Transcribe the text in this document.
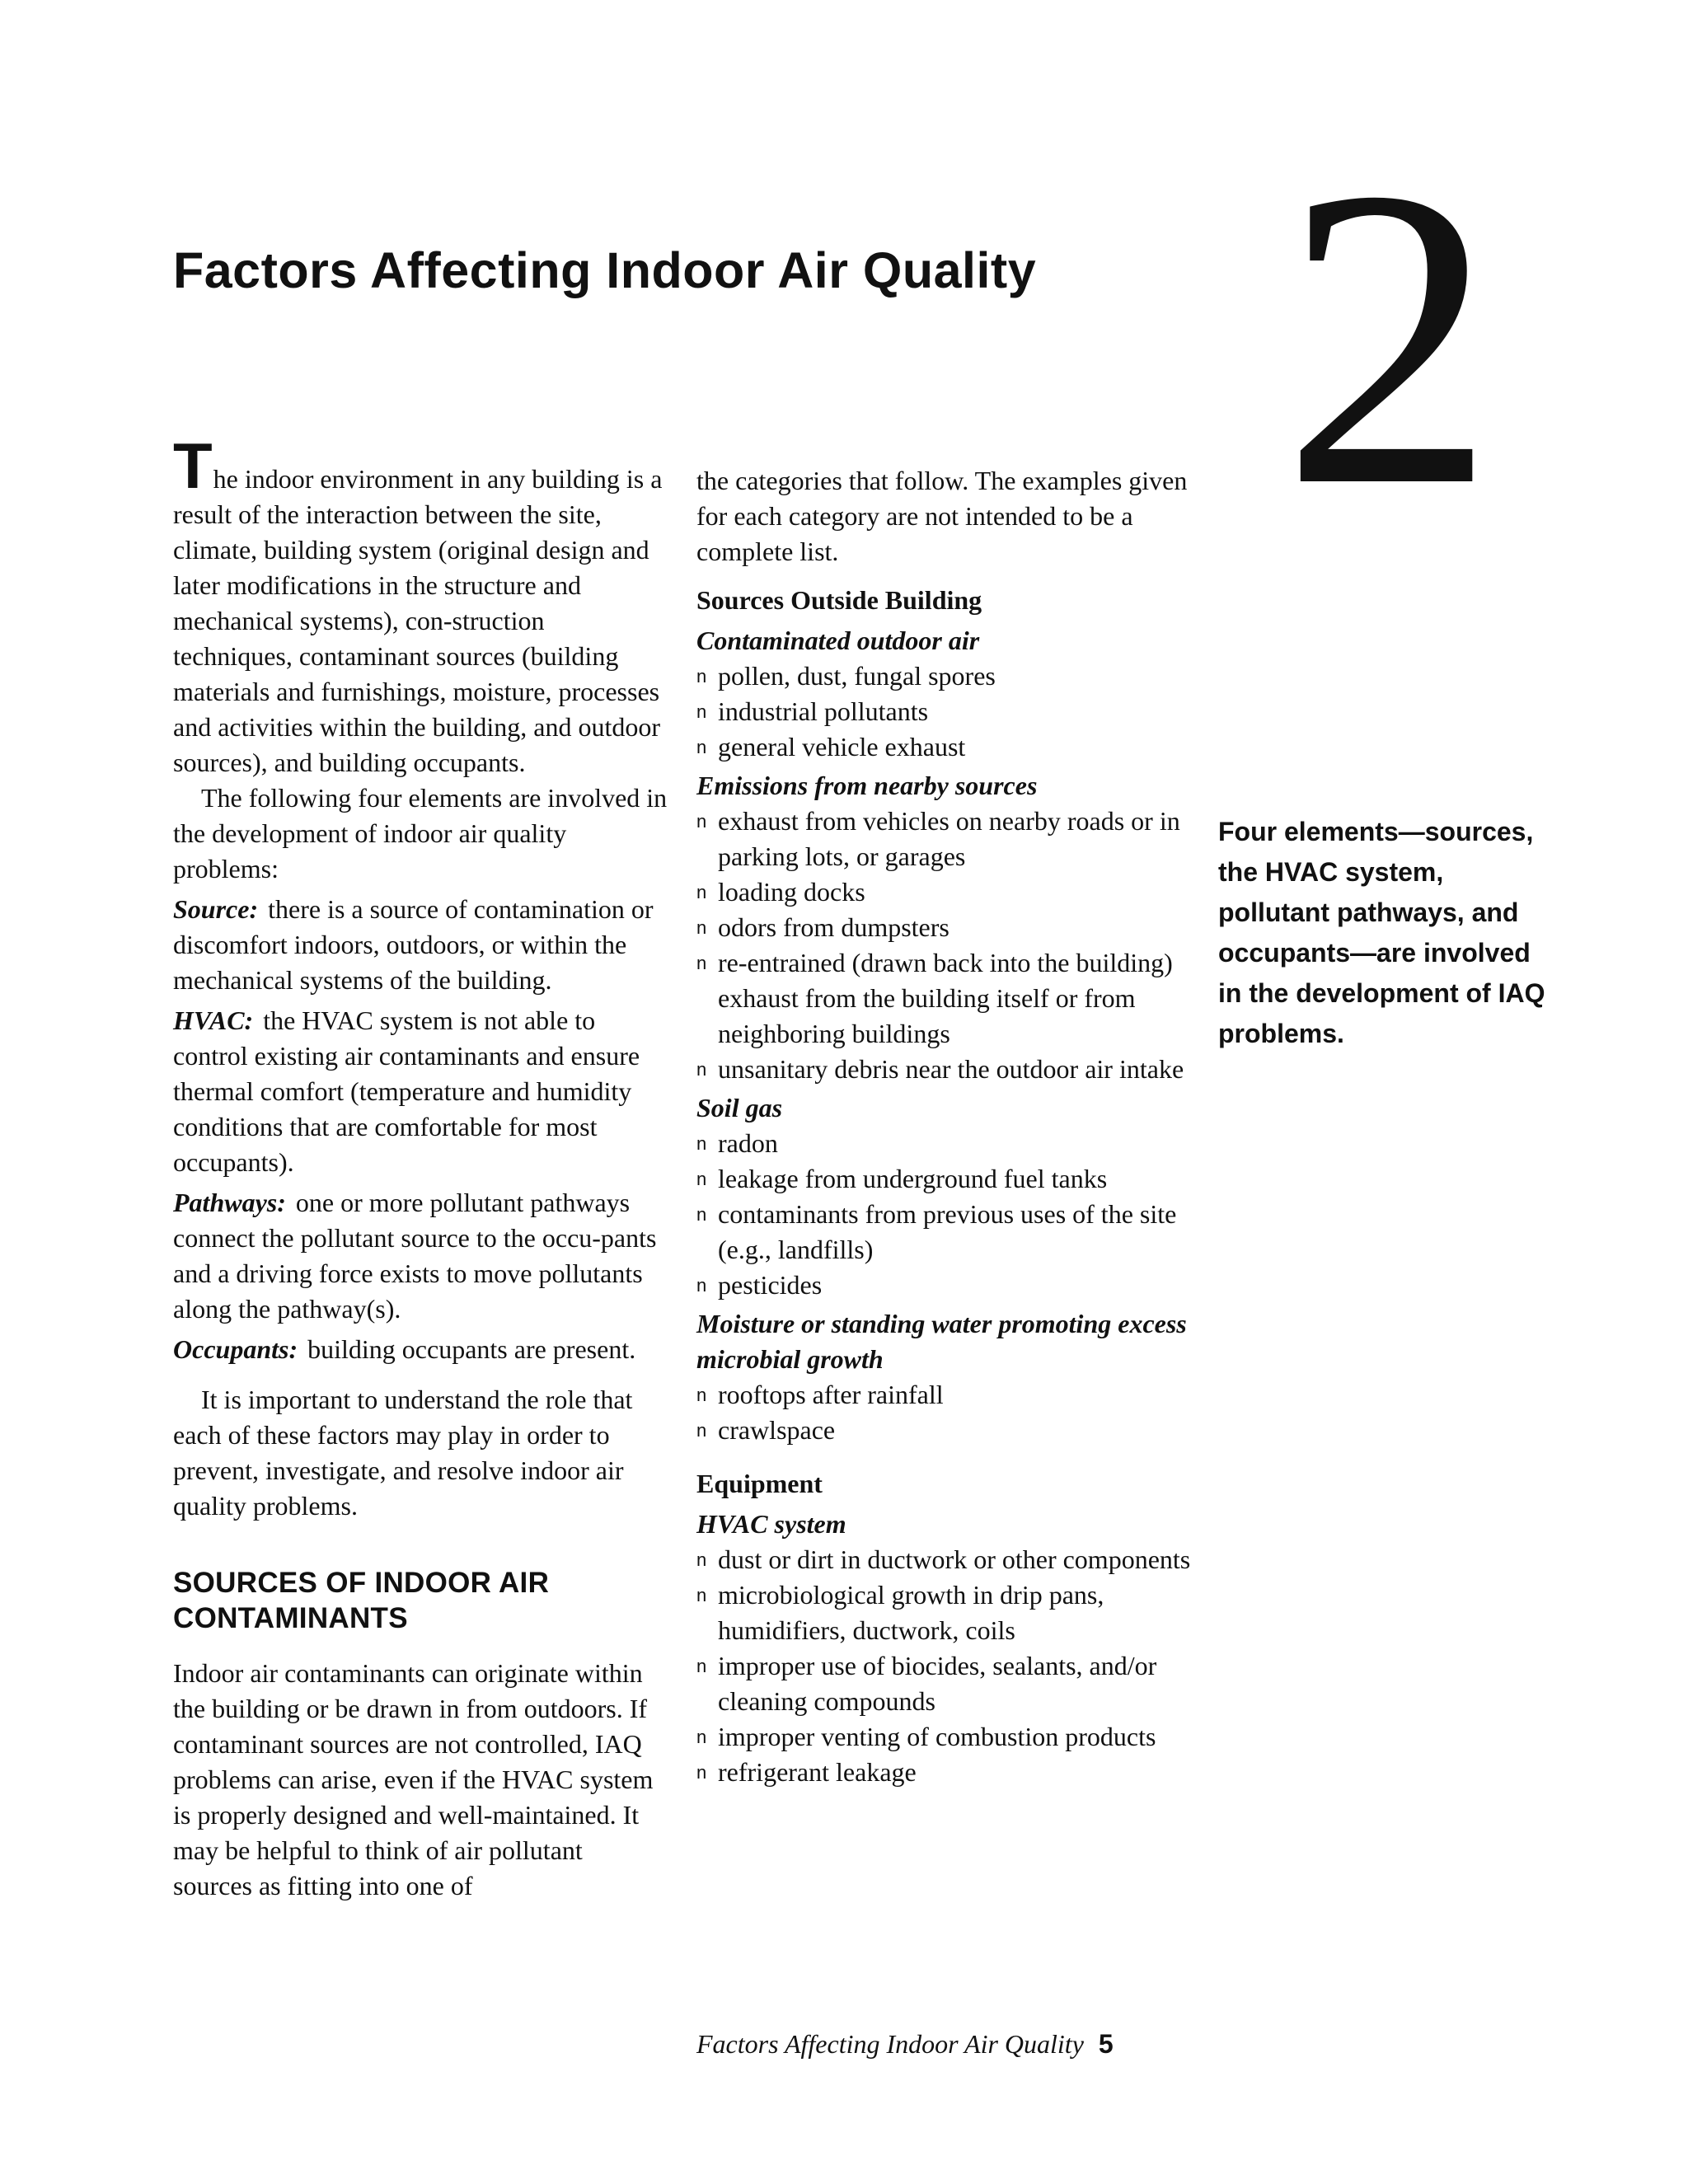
Factors Affecting Indoor Air Quality 2

The indoor environment in any building is a result of the interaction between the site, climate, building system (original design and later modifications in the structure and mechanical systems), con-struction techniques, contaminant sources (building materials and furnishings, moisture, processes and activities within the building, and outdoor sources), and building occupants.

The following four elements are involved in the development of indoor air quality problems:

Source: there is a source of contamination or discomfort indoors, outdoors, or within the mechanical systems of the building.

HVAC: the HVAC system is not able to control existing air contaminants and ensure thermal comfort (temperature and humidity conditions that are comfortable for most occupants).

Pathways: one or more pollutant pathways connect the pollutant source to the occu-pants and a driving force exists to move pollutants along the pathway(s).

Occupants: building occupants are present.

It is important to understand the role that each of these factors may play in order to prevent, investigate, and resolve indoor air quality problems.

SOURCES OF INDOOR AIR CONTAMINANTS

Indoor air contaminants can originate within the building or be drawn in from outdoors. If contaminant sources are not controlled, IAQ problems can arise, even if the HVAC system is properly designed and well-maintained. It may be helpful to think of air pollutant sources as fitting into one of

the categories that follow. The examples given for each category are not intended to be a complete list.

Sources Outside Building
Contaminated outdoor air
n pollen, dust, fungal spores
n industrial pollutants
n general vehicle exhaust
Emissions from nearby sources
n exhaust from vehicles on nearby roads or in parking lots, or garages
n loading docks
n odors from dumpsters
n re-entrained (drawn back into the building) exhaust from the building itself or from neighboring buildings
n unsanitary debris near the outdoor air intake
Soil gas
n radon
n leakage from underground fuel tanks
n contaminants from previous uses of the site (e.g., landfills)
n pesticides
Moisture or standing water promoting excess microbial growth
n rooftops after rainfall
n crawlspace
Equipment
HVAC system
n dust or dirt in ductwork or other components
n microbiological growth in drip pans, humidifiers, ductwork, coils
n improper use of biocides, sealants, and/or cleaning compounds
n improper venting of combustion products
n refrigerant leakage
Four elements—sources, the HVAC system, pollutant pathways, and occupants—are involved in the development of IAQ problems.
Factors Affecting Indoor Air Quality 5
